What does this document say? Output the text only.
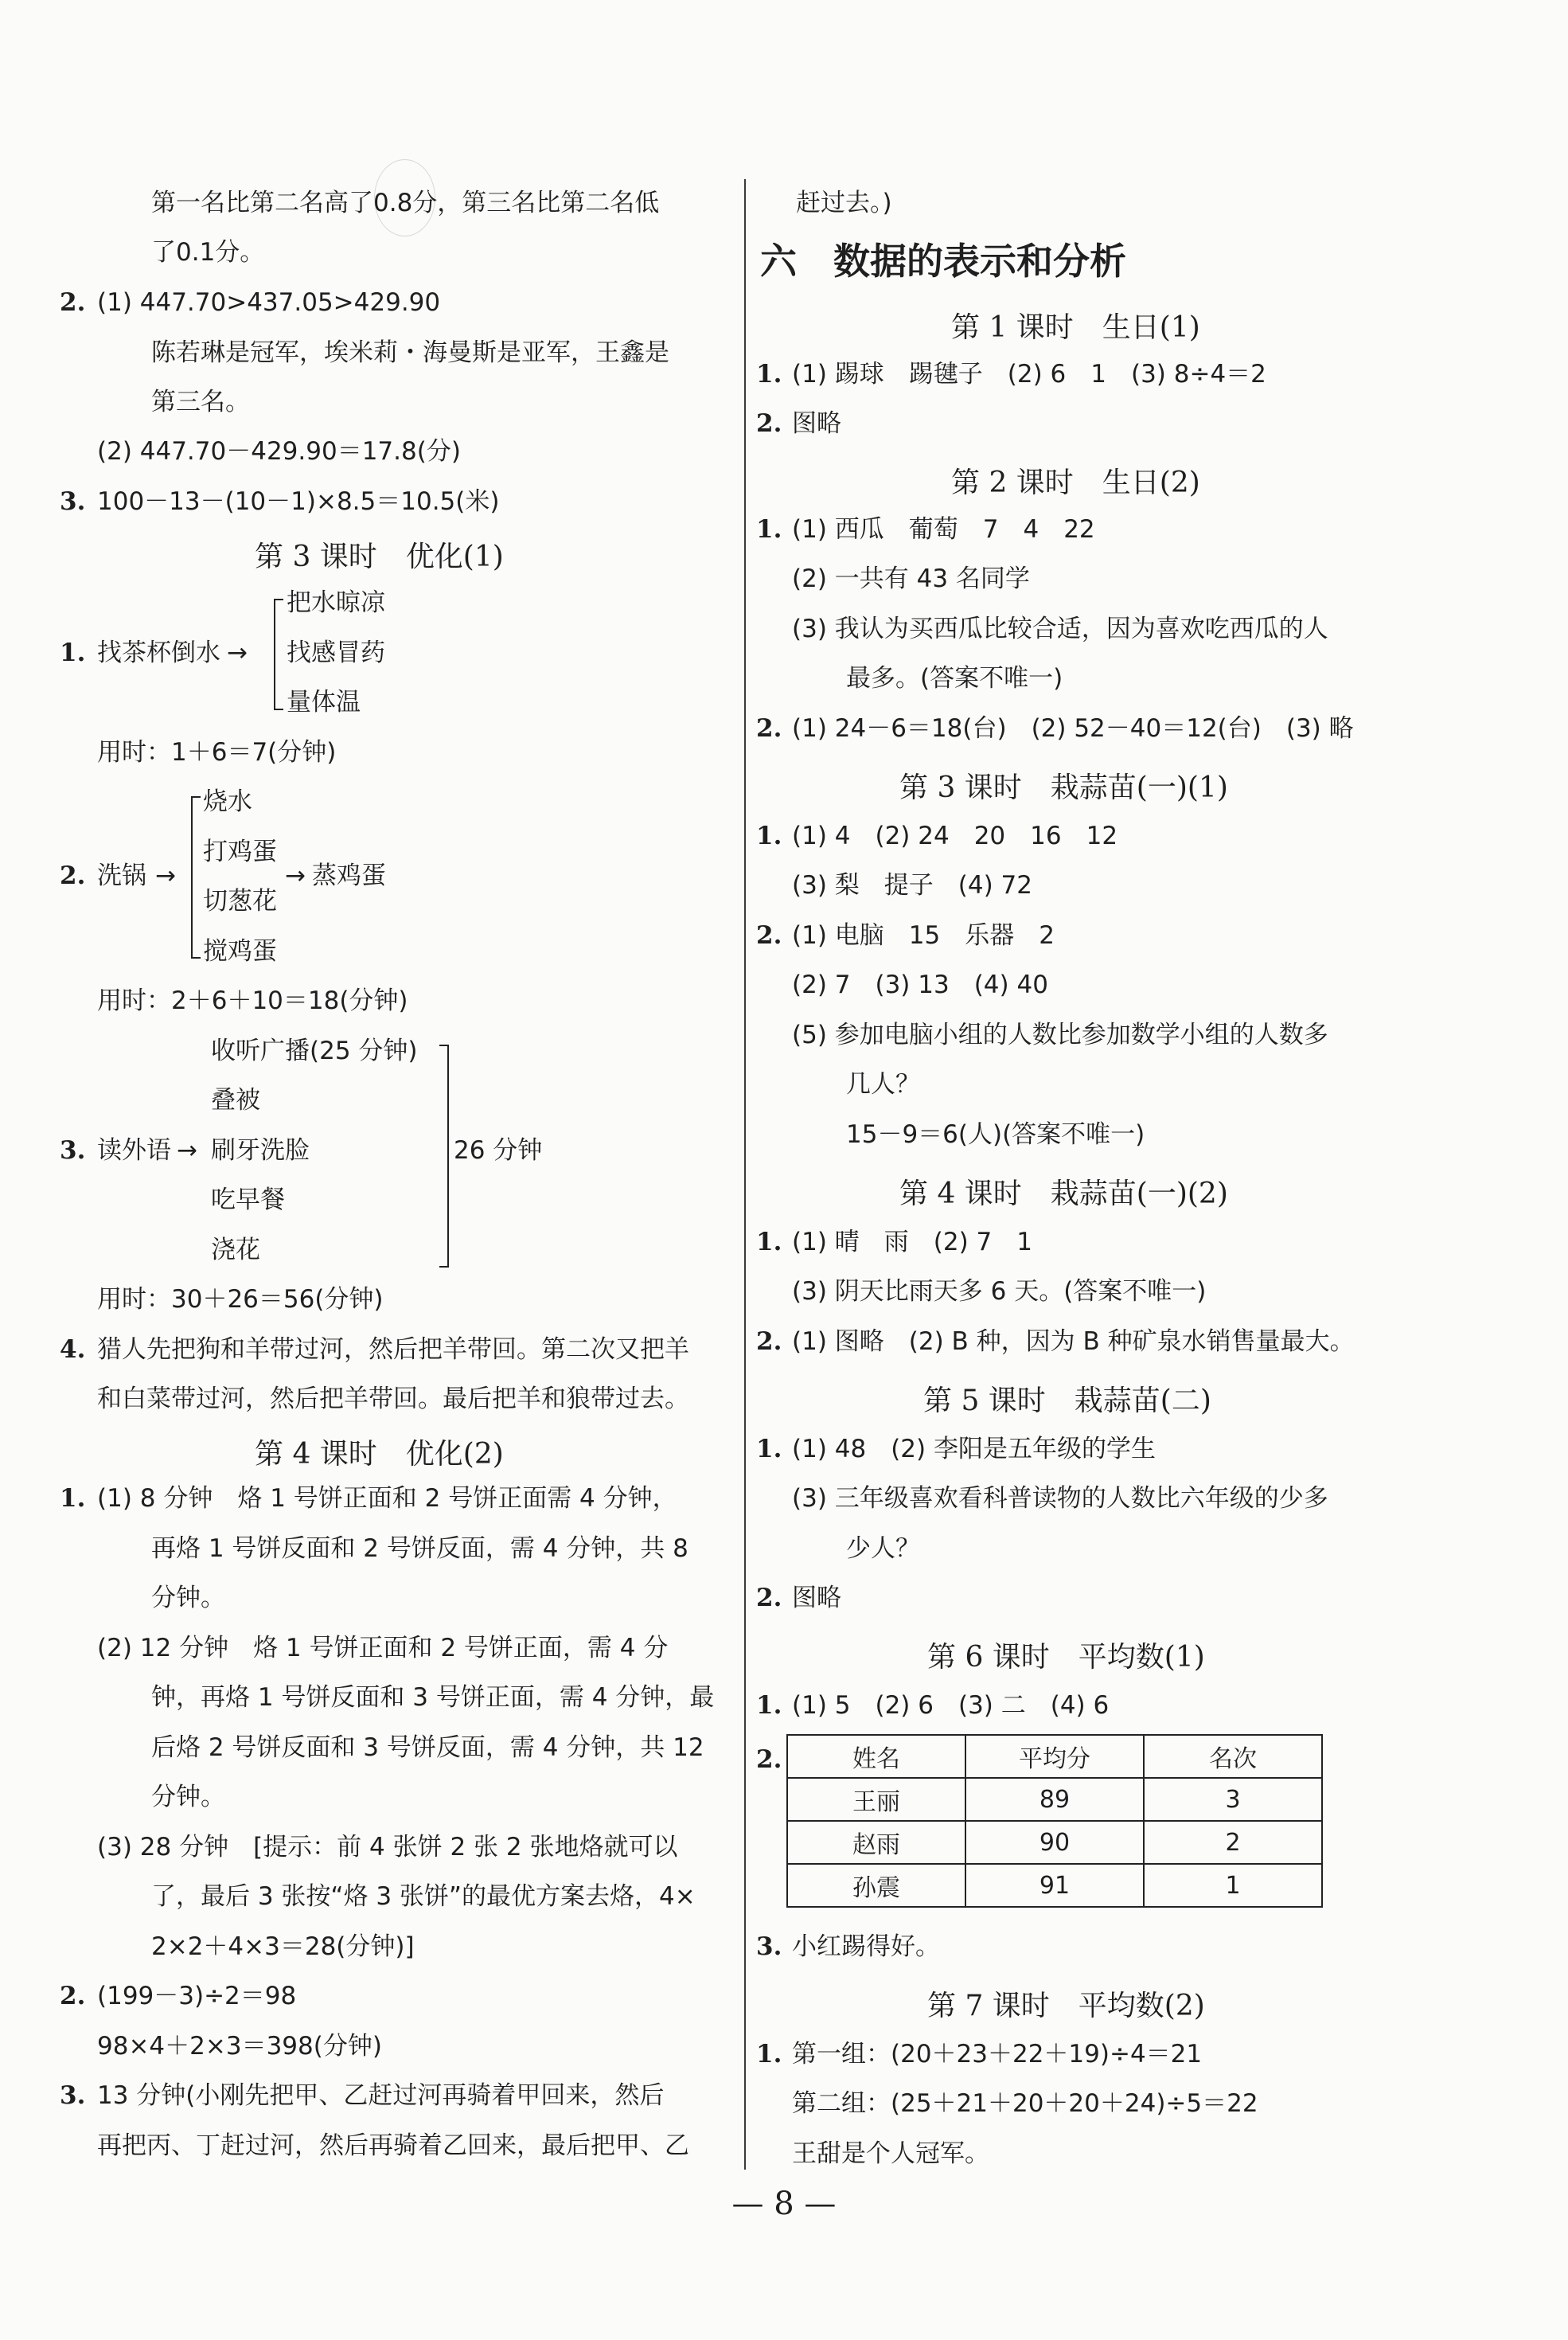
第一名比第二名高了0.8分，第三名比第二名低
了0.1分。
2. (1) 447.70>437.05>429.90
陈若琳是冠军，埃米莉・海曼斯是亚军，王鑫是
第三名。
(2) 447.70－429.90＝17.8(分)
3. 100－13－(10－1)×8.5＝10.5(米)
第 3 课时　优化(1)
把水晾凉
1. 找茶杯倒水 → 找感冒药
量体温
用时：1＋6＝7(分钟)
烧水
打鸡蛋
2. 洗锅 →	→ 蒸鸡蛋
切葱花
搅鸡蛋
用时：2＋6＋10＝18(分钟)
收听广播(25 分钟)
叠被
3. 读外语 → 刷牙洗脸	26 分钟
吃早餐
浇花
用时：30＋26＝56(分钟)
4. 猎人先把狗和羊带过河，然后把羊带回。第二次又把羊
和白菜带过河，然后把羊带回。最后把羊和狼带过去。
第 4 课时　优化(2)
1. (1) 8 分钟　烙 1 号饼正面和 2 号饼正面需 4 分钟，
再烙 1 号饼反面和 2 号饼反面，需 4 分钟，共 8
分钟。
(2) 12 分钟　烙 1 号饼正面和 2 号饼正面，需 4 分
钟，再烙 1 号饼反面和 3 号饼正面，需 4 分钟，最
后烙 2 号饼反面和 3 号饼反面，需 4 分钟，共 12
分钟。
(3) 28 分钟　[提示：前 4 张饼 2 张 2 张地烙就可以
了，最后 3 张按“烙 3 张饼”的最优方案去烙，4×
2×2＋4×3＝28(分钟)]
2. (199－3)÷2＝98
98×4＋2×3＝398(分钟)
3. 13 分钟(小刚先把甲、乙赶过河再骑着甲回来，然后
再把丙、丁赶过河，然后再骑着乙回来，最后把甲、乙
赶过去。)
六　数据的表示和分析
第 1 课时　生日(1)
1. (1) 踢球　踢毽子　(2) 6　1　(3) 8÷4＝2
2. 图略
第 2 课时　生日(2)
1. (1) 西瓜　葡萄　7　4　22
(2) 一共有 43 名同学
(3) 我认为买西瓜比较合适，因为喜欢吃西瓜的人
最多。(答案不唯一)
2. (1) 24－6＝18(台)　(2) 52－40＝12(台)　(3) 略
第 3 课时　栽蒜苗(一)(1)
1. (1) 4　(2) 24　20　16　12
(3) 梨　提子　(4) 72
2. (1) 电脑　15　乐器　2
(2) 7　(3) 13　(4) 40
(5) 参加电脑小组的人数比参加数学小组的人数多
几人？
15－9＝6(人)(答案不唯一)
第 4 课时　栽蒜苗(一)(2)
1. (1) 晴　雨　(2) 7　1
(3) 阴天比雨天多 6 天。(答案不唯一)
2. (1) 图略　(2) B 种，因为 B 种矿泉水销售量最大。
第 5 课时　栽蒜苗(二)
1. (1) 48　(2) 李阳是五年级的学生
(3) 三年级喜欢看科普读物的人数比六年级的少多
少人？
2. 图略
第 6 课时　平均数(1)
1. (1) 5　(2) 6　(3) 二　(4) 6
2.	姓名	平均分	名次
王丽	89	3
赵雨	90	2
孙震	91	1
3. 小红踢得好。
第 7 课时　平均数(2)
1. 第一组：(20＋23＋22＋19)÷4＝21
第二组：(25＋21＋20＋20＋24)÷5＝22
王甜是个人冠军。
— 8 —
